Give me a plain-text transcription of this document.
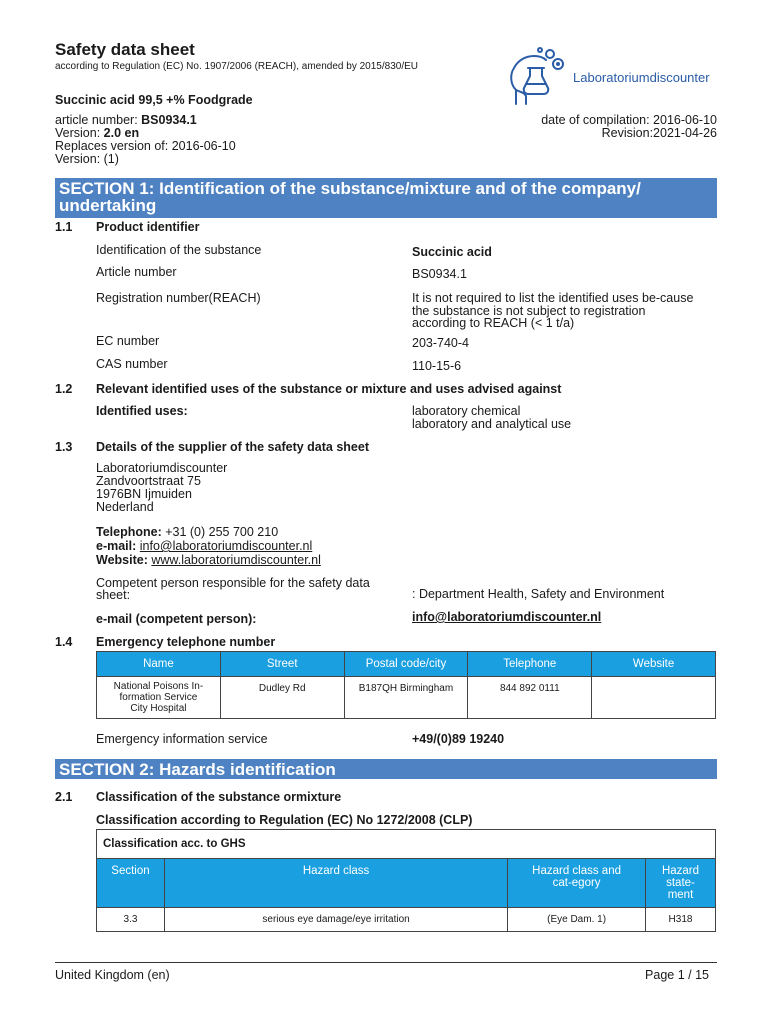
Safety data sheet
according to Regulation (EC) No. 1907/2006 (REACH), amended by 2015/830/EU
Laboratoriumdiscounter
Succinic acid 99,5 +% Foodgrade
article number: BS0934.1
Version: 2.0 en
Replaces version of: 2016-06-10
Version: (1)
date of compilation: 2016-06-10
Revision:2021-04-26
SECTION 1: Identification of the substance/mixture and of the company/ undertaking
1.1 Product identifier
Identification of the substance	Succinic acid
Article number	BS0934.1
Registration number(REACH)	It is not required to list the identified uses be-cause the substance is not subject to registration according to REACH (< 1 t/a)
EC number	203-740-4
CAS number	110-15-6
1.2 Relevant identified uses of the substance or mixture and uses advised against
Identified uses:	laboratory chemical
laboratory and analytical use
1.3 Details of the supplier of the safety data sheet
Laboratoriumdiscounter
Zandvoortstraat 75
1976BN Ijmuiden
Nederland
Telephone: +31 (0) 255 700 210
e-mail: info@laboratoriumdiscounter.nl
Website: www.laboratoriumdiscounter.nl
Competent person responsible for the safety data
sheet:	: Department Health, Safety and Environment
e-mail (competent person):	info@laboratoriumdiscounter.nl
1.4 Emergency telephone number
Name	Street	Postal code/city	Telephone	Website
National Poisons In-formation Service City Hospital	Dudley Rd	B187QH Birmingham	844 892 0111	
Emergency information service	+49/(0)89 19240
SECTION 2: Hazards identification
2.1 Classification of the substance ormixture
Classification according to Regulation (EC) No 1272/2008 (CLP)
Classification acc. to GHS			
Section	Hazard class	Hazard class and cat-egory	Hazard state-ment
3.3	serious eye damage/eye irritation	(Eye Dam. 1)	H318
United Kingdom (en)	Page 1 / 15
